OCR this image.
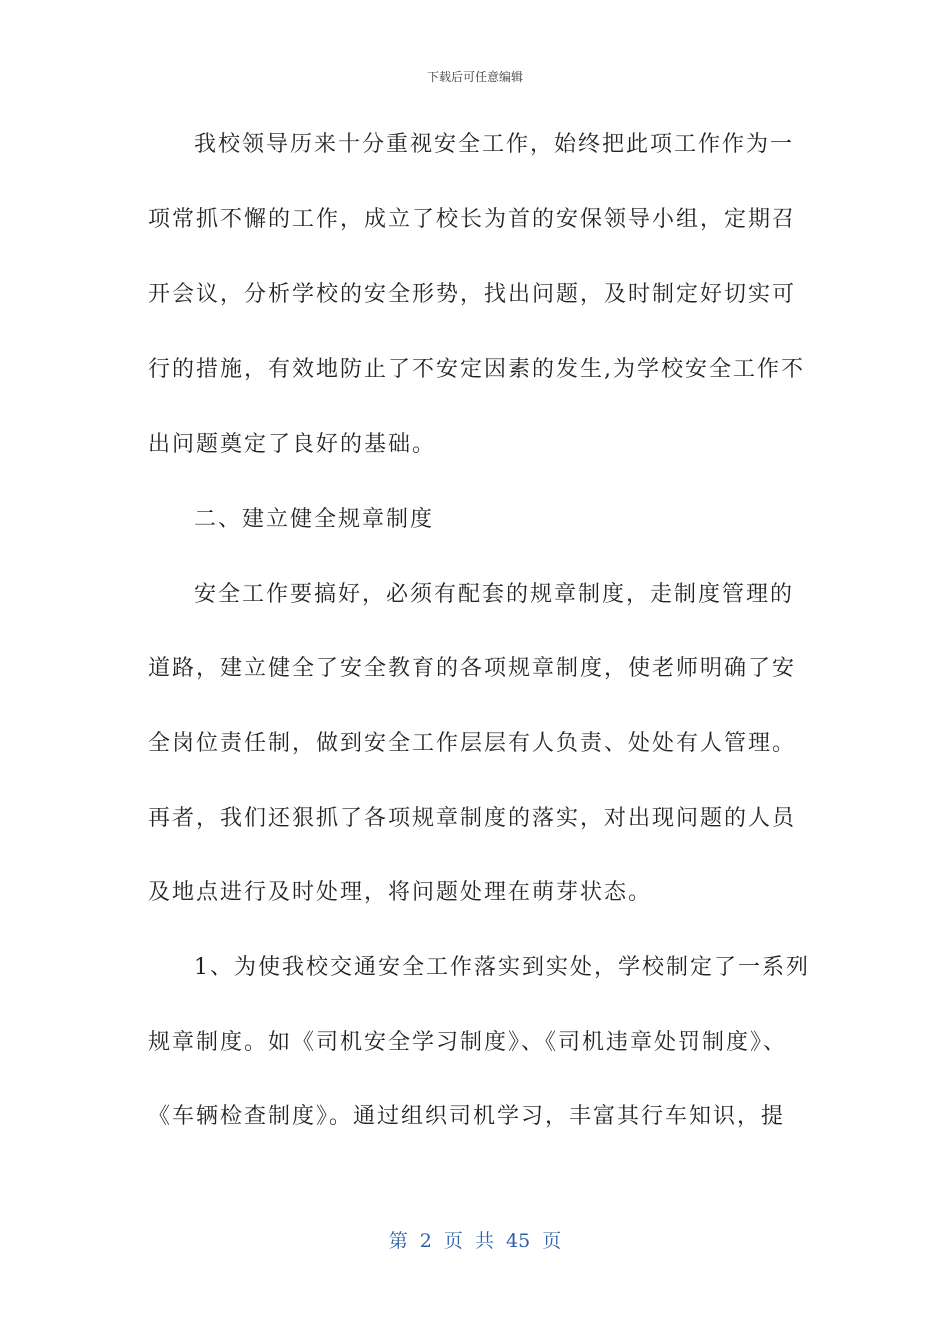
下载后可任意编辑

我校领导历来十分重视安全工作，始终把此项工作作为一

项常抓不懈的工作，成立了校长为首的安保领导小组，定期召

开会议，分析学校的安全形势，找出问题，及时制定好切实可

行的措施，有效地防止了不安定因素的发生,为学校安全工作不

出问题奠定了良好的基础。

二、建立健全规章制度

安全工作要搞好，必须有配套的规章制度，走制度管理的

道路，建立健全了安全教育的各项规章制度，使老师明确了安

全岗位责任制，做到安全工作层层有人负责、处处有人管理。

再者，我们还狠抓了各项规章制度的落实，对出现问题的人员

及地点进行及时处理，将问题处理在萌芽状态。

1、为使我校交通安全工作落实到实处，学校制定了一系列

规章制度。如《司机安全学习制度》、《司机违章处罚制度》、

《车辆检查制度》。通过组织司机学习，丰富其行车知识，提

第 2 页 共 45 页
